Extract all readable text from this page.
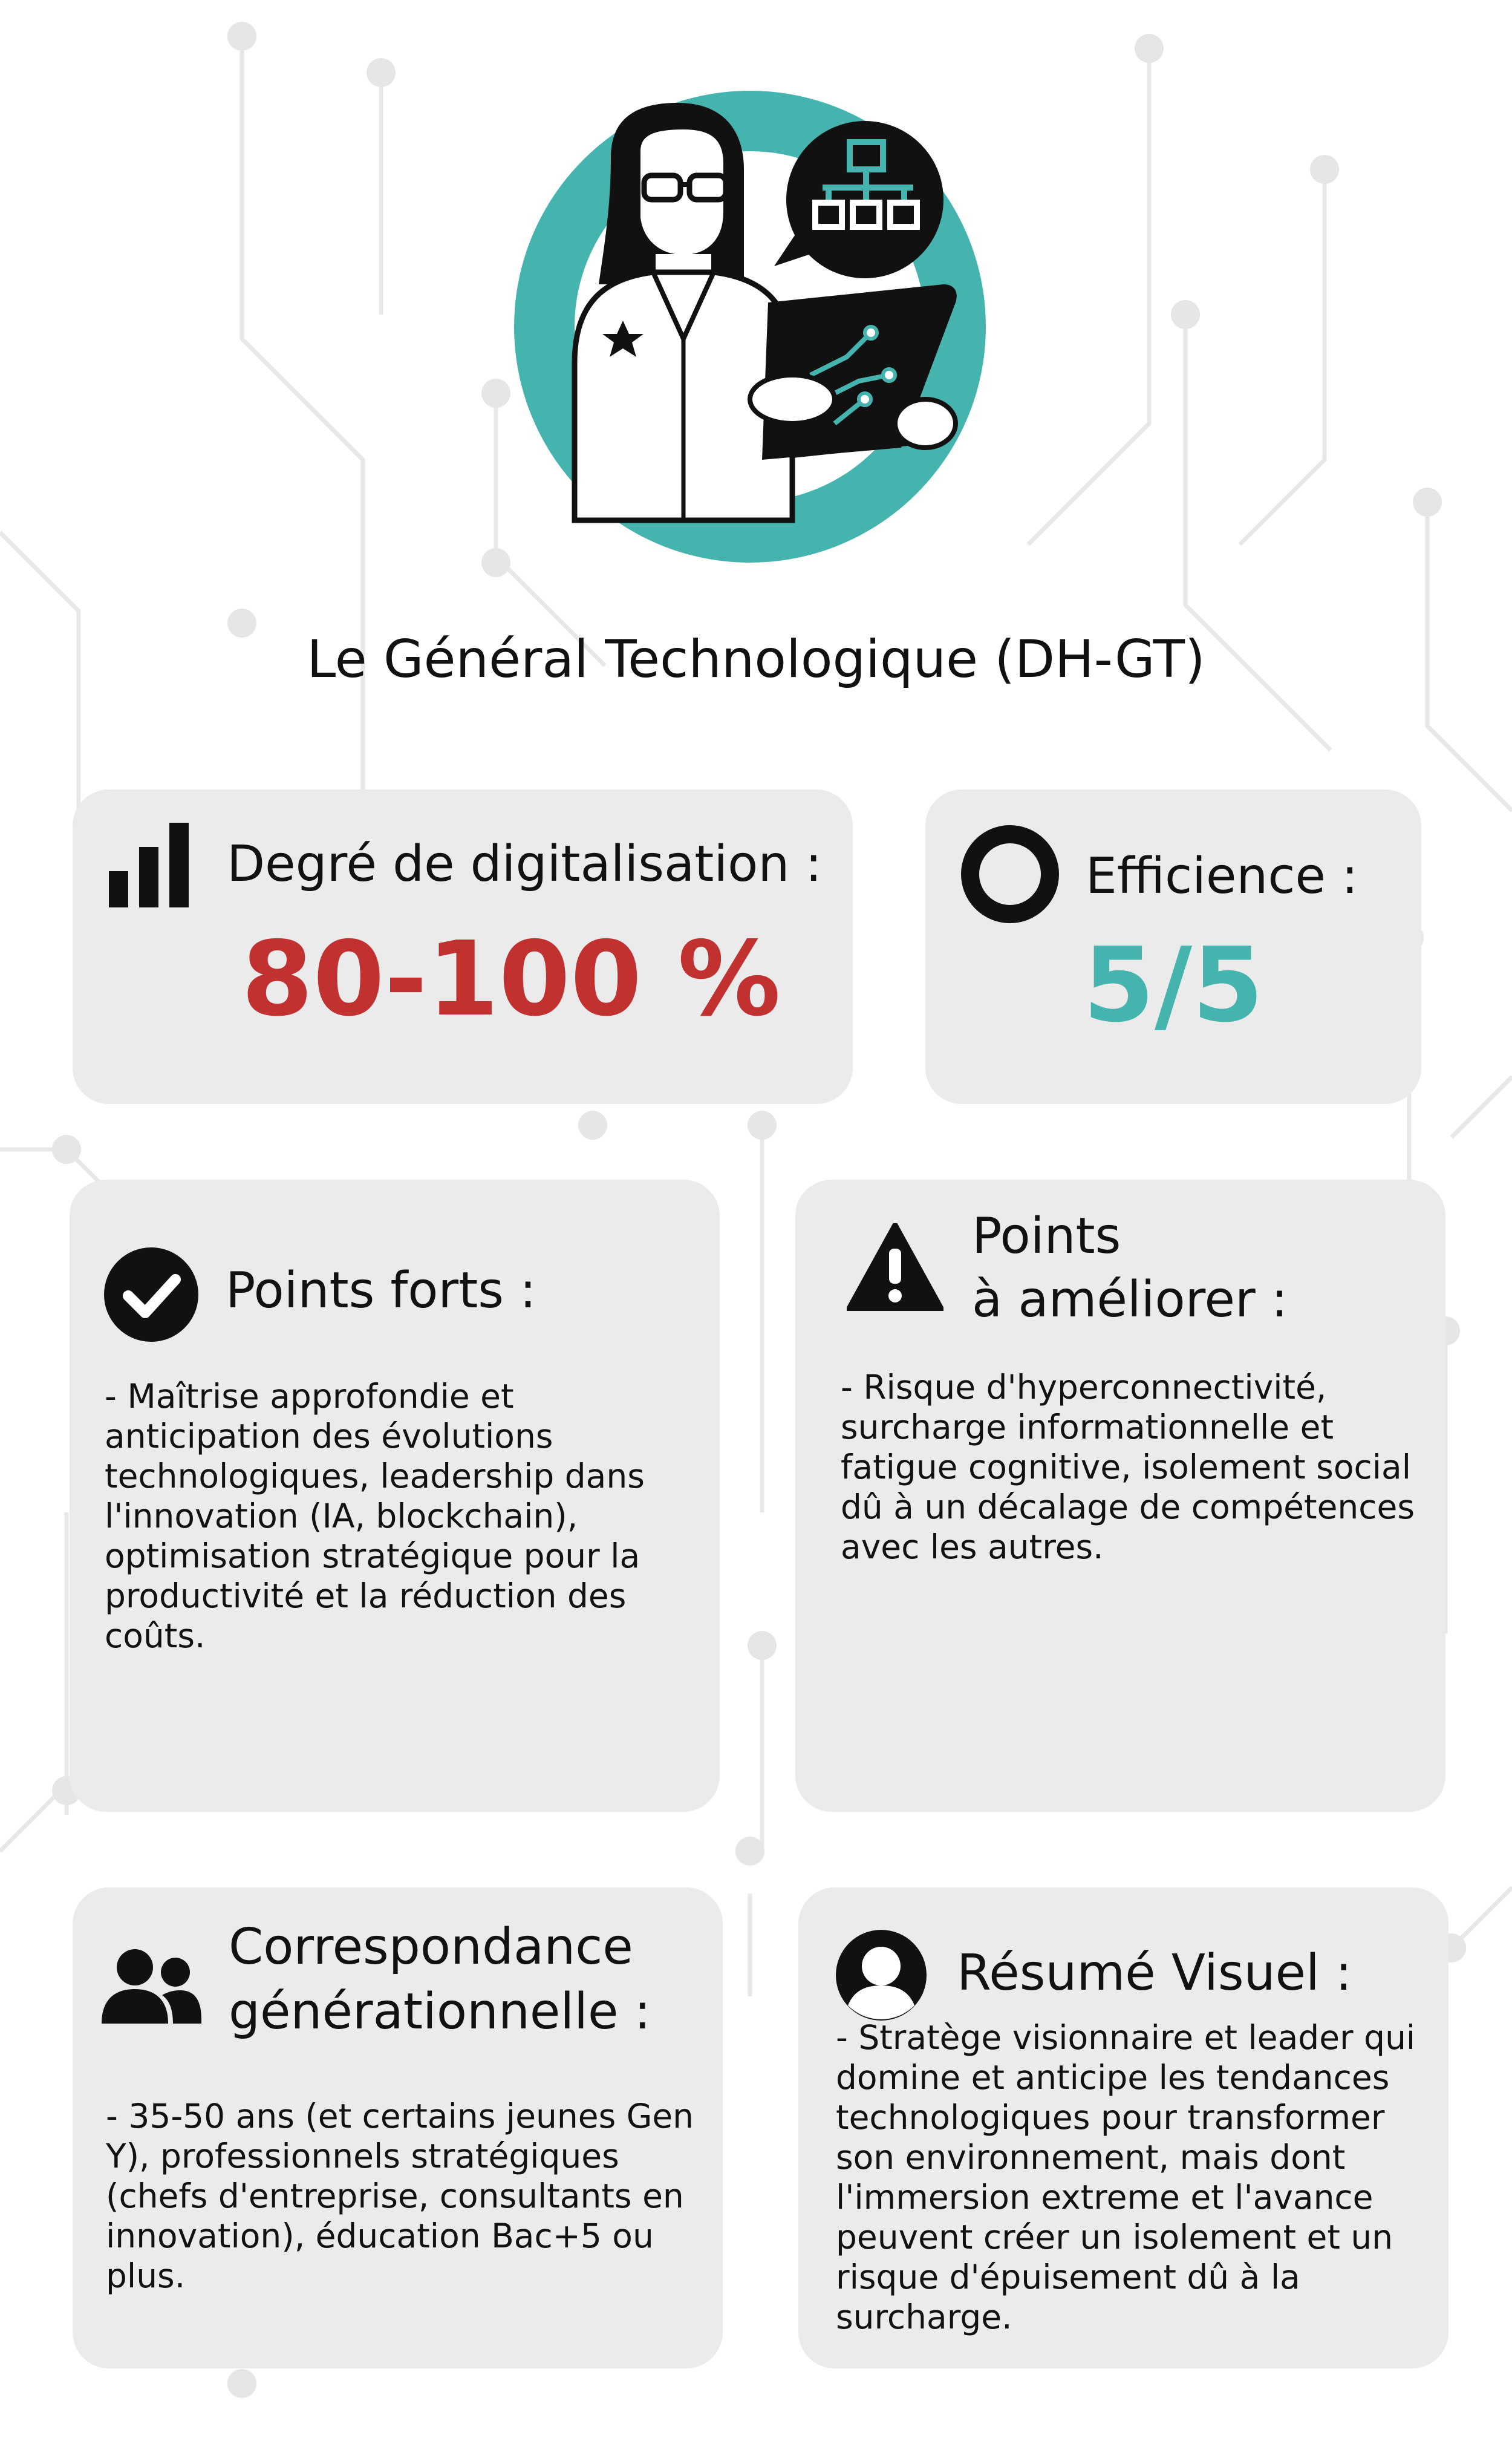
Le Général Technologique (DH-GT)
Degré de digitalisation :
80-100 %
Efficience :
5/5
Points forts :
- Maîtrise approfondie et anticipation des évolutions technologiques, leadership dans l'innovation (IA, blockchain), optimisation stratégique pour la productivité et la réduction des coûts.
Points
à améliorer :
- Risque d'hyperconnectivité, surcharge informationnelle et fatigue cognitive, isolement social dû à un décalage de compétences avec les autres.
Correspondance
générationnelle :
- 35-50 ans (et certains jeunes Gen Y), professionnels stratégiques (chefs d'entreprise, consultants en innovation), éducation Bac+5 ou plus.
Résumé Visuel :
- Stratège visionnaire et leader qui domine et anticipe les tendances technologiques pour transformer son environnement, mais dont l'immersion extreme et l'avance peuvent créer un isolement et un risque d'épuisement dû à la surcharge.
